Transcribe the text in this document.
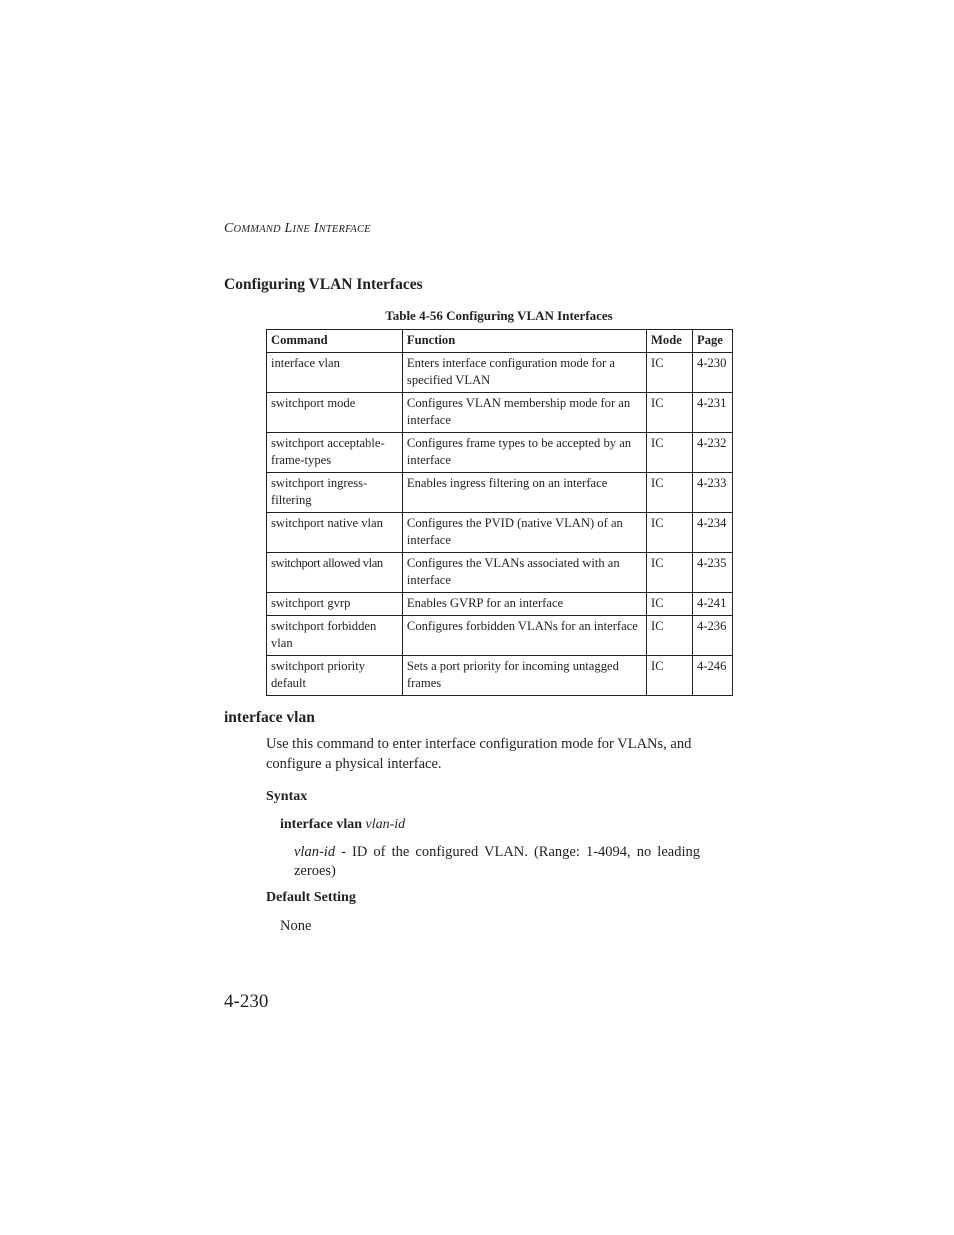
COMMAND LINE INTERFACE
Configuring VLAN Interfaces
Table 4-56 Configuring VLAN Interfaces
Command	Function	Mode	Page
interface vlan	Enters interface configuration mode for a specified VLAN	IC	4-230
switchport mode	Configures VLAN membership mode for an interface	IC	4-231
switchport acceptable-frame-types	Configures frame types to be accepted by an interface	IC	4-232
switchport ingress-filtering	Enables ingress filtering on an interface	IC	4-233
switchport native vlan	Configures the PVID (native VLAN) of an interface	IC	4-234
switchport allowed vlan	Configures the VLANs associated with an interface	IC	4-235
switchport gvrp	Enables GVRP for an interface	IC	4-241
switchport forbidden vlan	Configures forbidden VLANs for an interface	IC	4-236
switchport priority default	Sets a port priority for incoming untagged frames	IC	4-246
interface vlan
Use this command to enter interface configuration mode for VLANs, and configure a physical interface.
Syntax
interface vlan vlan-id
vlan-id - ID of the configured VLAN. (Range: 1-4094, no leading zeroes)
Default Setting
None
4-230
